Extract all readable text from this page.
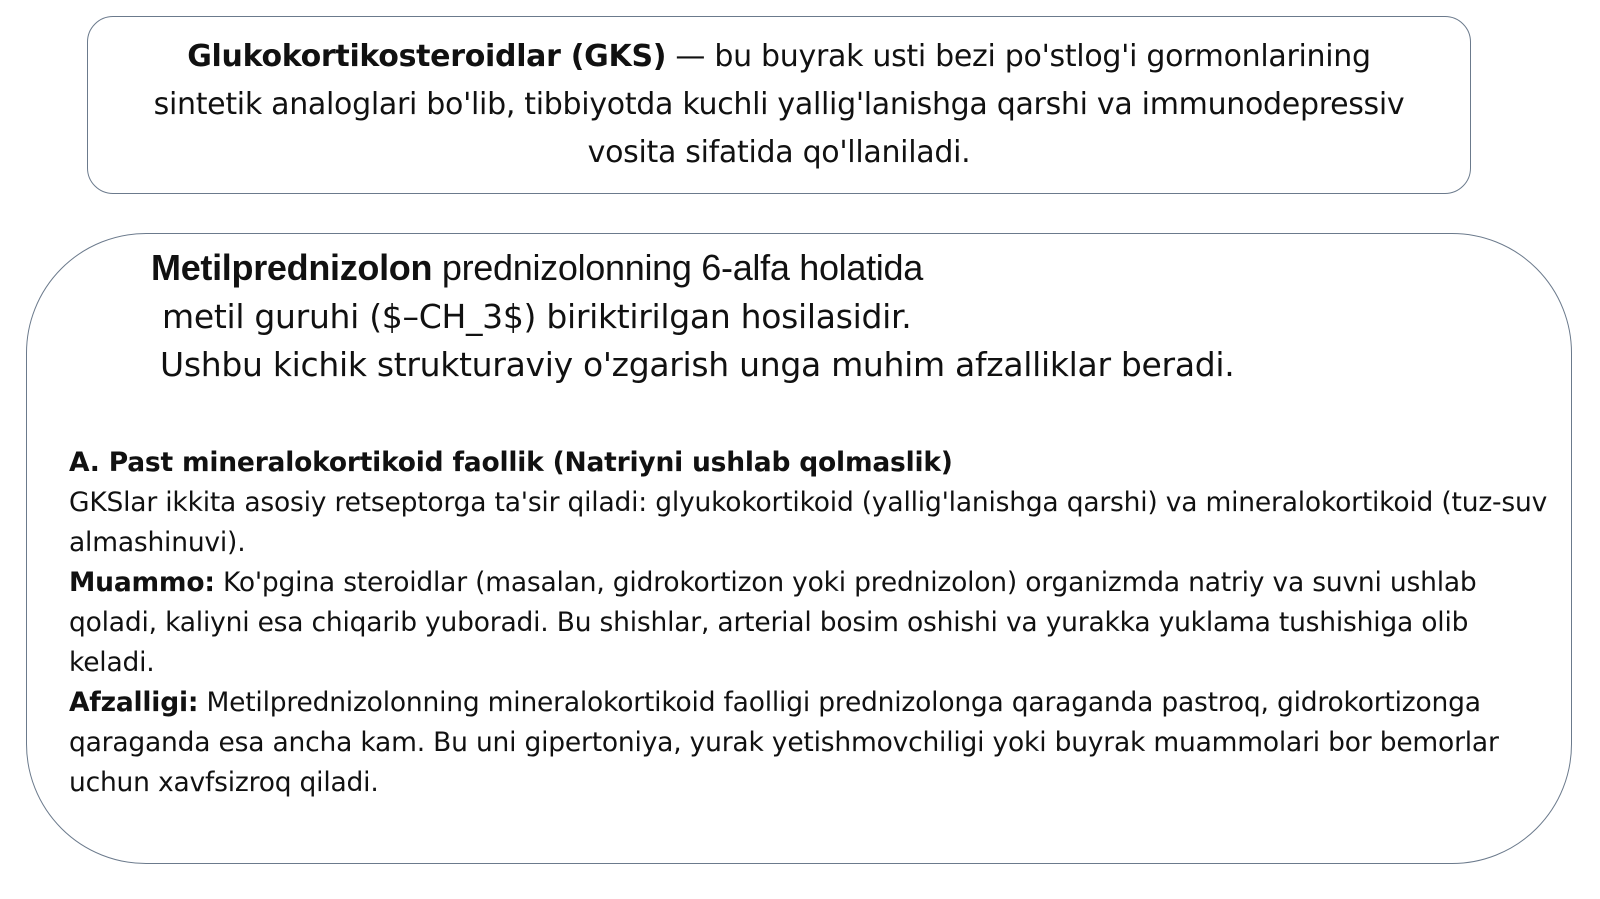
Glukokortikosteroidlar (GKS) — bu buyrak usti bezi po'stlog'i gormonlarining sintetik analoglari bo'lib, tibbiyotda kuchli yallig'lanishga qarshi va immunodepressiv vosita sifatida qo'llaniladi.
Metilprednizolon prednizolonning 6-alfa holatida
metil guruhi ($–CH_3$) biriktirilgan hosilasidir.
Ushbu kichik strukturaviy o'zgarish unga muhim afzalliklar beradi.

A. Past mineralokortikoid faollik (Natriyni ushlab qolmaslik)

GKSlar ikkita asosiy retseptorga ta'sir qiladi: glyukokortikoid (yallig'lanishga qarshi) va mineralokortikoid (tuz-suv almashinuvi).

Muammo: Ko'pgina steroidlar (masalan, gidrokortizon yoki prednizolon) organizmda natriy va suvni ushlab qoladi, kaliyni esa chiqarib yuboradi. Bu shishlar, arterial bosim oshishi va yurakka yuklama tushishiga olib keladi.

Afzalligi: Metilprednizolonning mineralokortikoid faolligi prednizolonga qaraganda pastroq, gidrokortizonga qaraganda esa ancha kam. Bu uni gipertoniya, yurak yetishmovchiligi yoki buyrak muammolari bor bemorlar uchun xavfsizroq qiladi.
